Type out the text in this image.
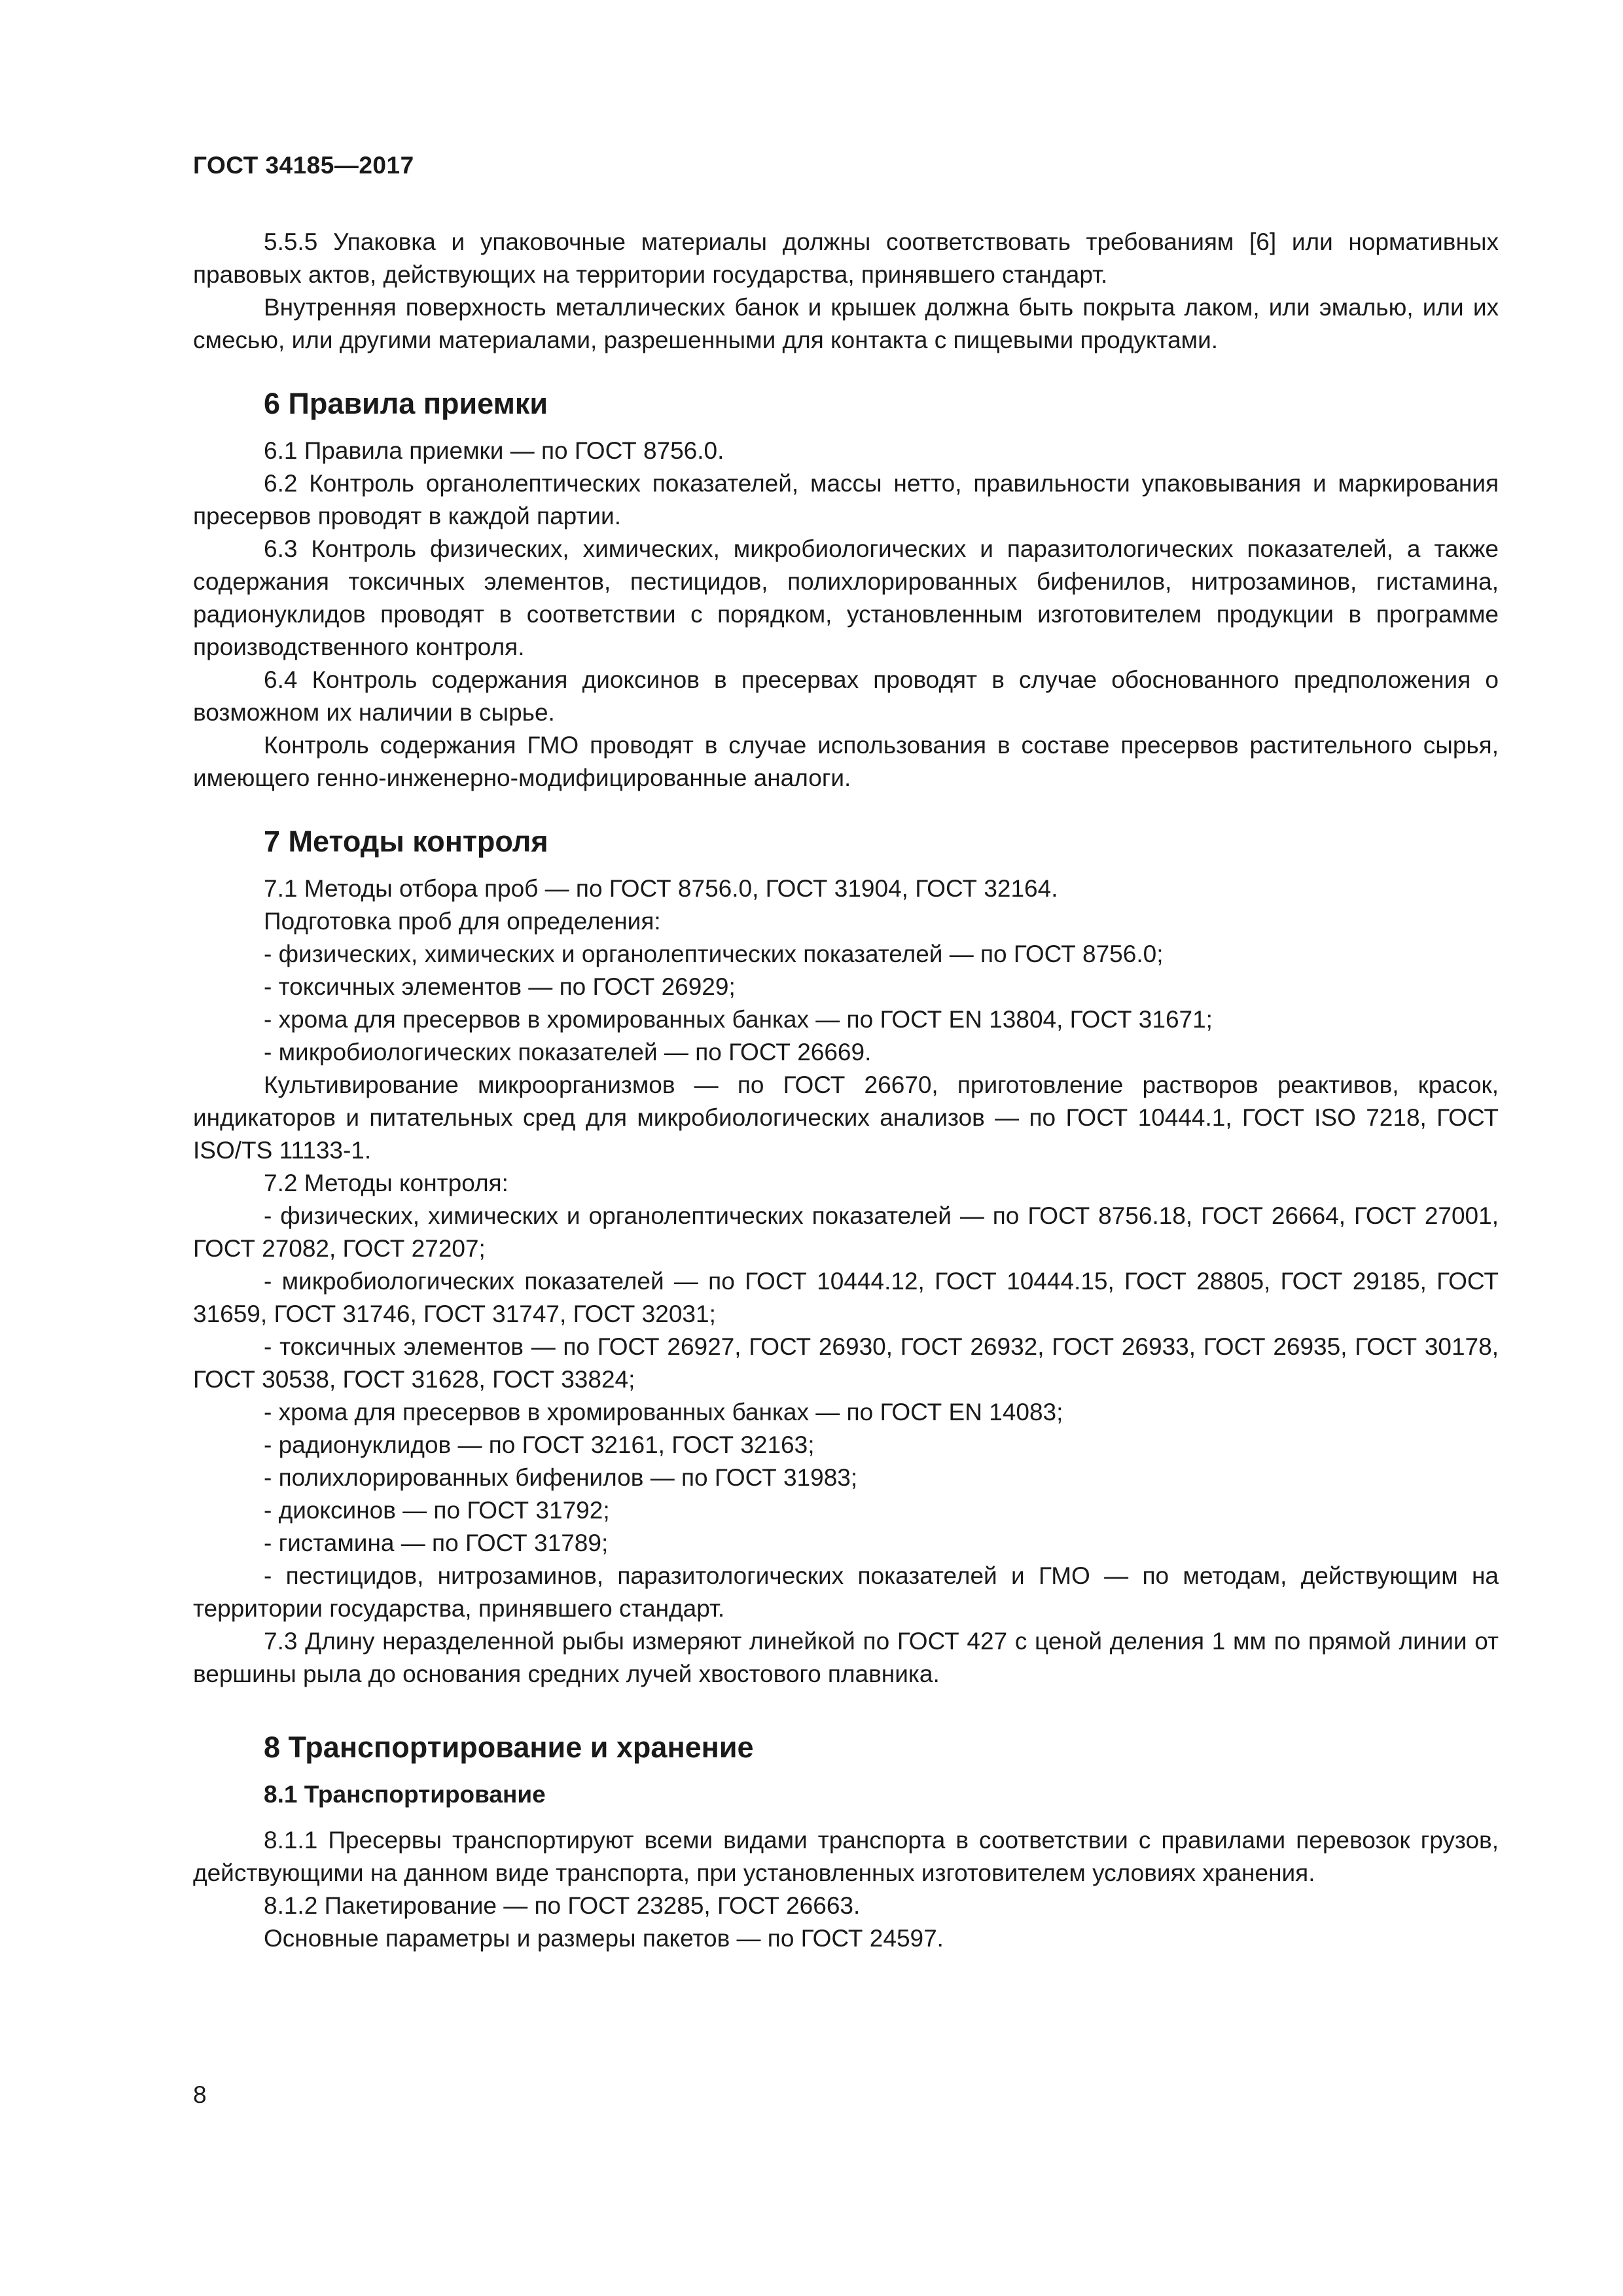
ГОСТ 34185—2017

5.5.5 Упаковка и упаковочные материалы должны соответствовать требованиям [6] или нормативных правовых актов, действующих на территории государства, принявшего стандарт.

Внутренняя поверхность металлических банок и крышек должна быть покрыта лаком, или эмалью, или их смесью, или другими материалами, разрешенными для контакта с пищевыми продуктами.

6 Правила приемки

6.1 Правила приемки — по ГОСТ 8756.0.

6.2 Контроль органолептических показателей, массы нетто, правильности упаковывания и маркирования пресервов проводят в каждой партии.

6.3 Контроль физических, химических, микробиологических и паразитологических показателей, а также содержания токсичных элементов, пестицидов, полихлорированных бифенилов, нитрозаминов, гистамина, радионуклидов проводят в соответствии с порядком, установленным изготовителем продукции в программе производственного контроля.

6.4 Контроль содержания диоксинов в пресервах проводят в случае обоснованного предположения о возможном их наличии в сырье.

Контроль содержания ГМО проводят в случае использования в составе пресервов растительного сырья, имеющего генно-инженерно-модифицированные аналоги.

7 Методы контроля

7.1 Методы отбора проб — по ГОСТ 8756.0, ГОСТ 31904, ГОСТ 32164.

Подготовка проб для определения:

- физических, химических и органолептических показателей — по ГОСТ 8756.0;

- токсичных элементов — по ГОСТ 26929;

- хрома для пресервов в хромированных банках — по ГОСТ EN 13804, ГОСТ 31671;

- микробиологических показателей — по ГОСТ 26669.

Культивирование микроорганизмов — по ГОСТ 26670, приготовление растворов реактивов, красок, индикаторов и питательных сред для микробиологических анализов — по ГОСТ 10444.1, ГОСТ ISO 7218, ГОСТ ISO/TS 11133-1.

7.2 Методы контроля:

- физических, химических и органолептических показателей — по ГОСТ 8756.18, ГОСТ 26664, ГОСТ 27001, ГОСТ 27082, ГОСТ 27207;

- микробиологических показателей — по ГОСТ 10444.12, ГОСТ 10444.15, ГОСТ 28805, ГОСТ 29185, ГОСТ 31659, ГОСТ 31746, ГОСТ 31747, ГОСТ 32031;

- токсичных элементов — по ГОСТ 26927, ГОСТ 26930, ГОСТ 26932, ГОСТ 26933, ГОСТ 26935, ГОСТ 30178, ГОСТ 30538, ГОСТ 31628, ГОСТ 33824;

- хрома для пресервов в хромированных банках — по ГОСТ EN 14083;

- радионуклидов — по ГОСТ 32161, ГОСТ 32163;

- полихлорированных бифенилов — по ГОСТ 31983;

- диоксинов — по ГОСТ 31792;

- гистамина — по ГОСТ 31789;

- пестицидов, нитрозаминов, паразитологических показателей и ГМО — по методам, действующим на территории государства, принявшего стандарт.

7.3 Длину неразделенной рыбы измеряют линейкой по ГОСТ 427 с ценой деления 1 мм по прямой линии от вершины рыла до основания средних лучей хвостового плавника.

8 Транспортирование и хранение
8.1 Транспортирование

8.1.1 Пресервы транспортируют всеми видами транспорта в соответствии с правилами перевозок грузов, действующими на данном виде транспорта, при установленных изготовителем условиях хранения.

8.1.2 Пакетирование — по ГОСТ 23285, ГОСТ 26663.

Основные параметры и размеры пакетов — по ГОСТ 24597.

8
